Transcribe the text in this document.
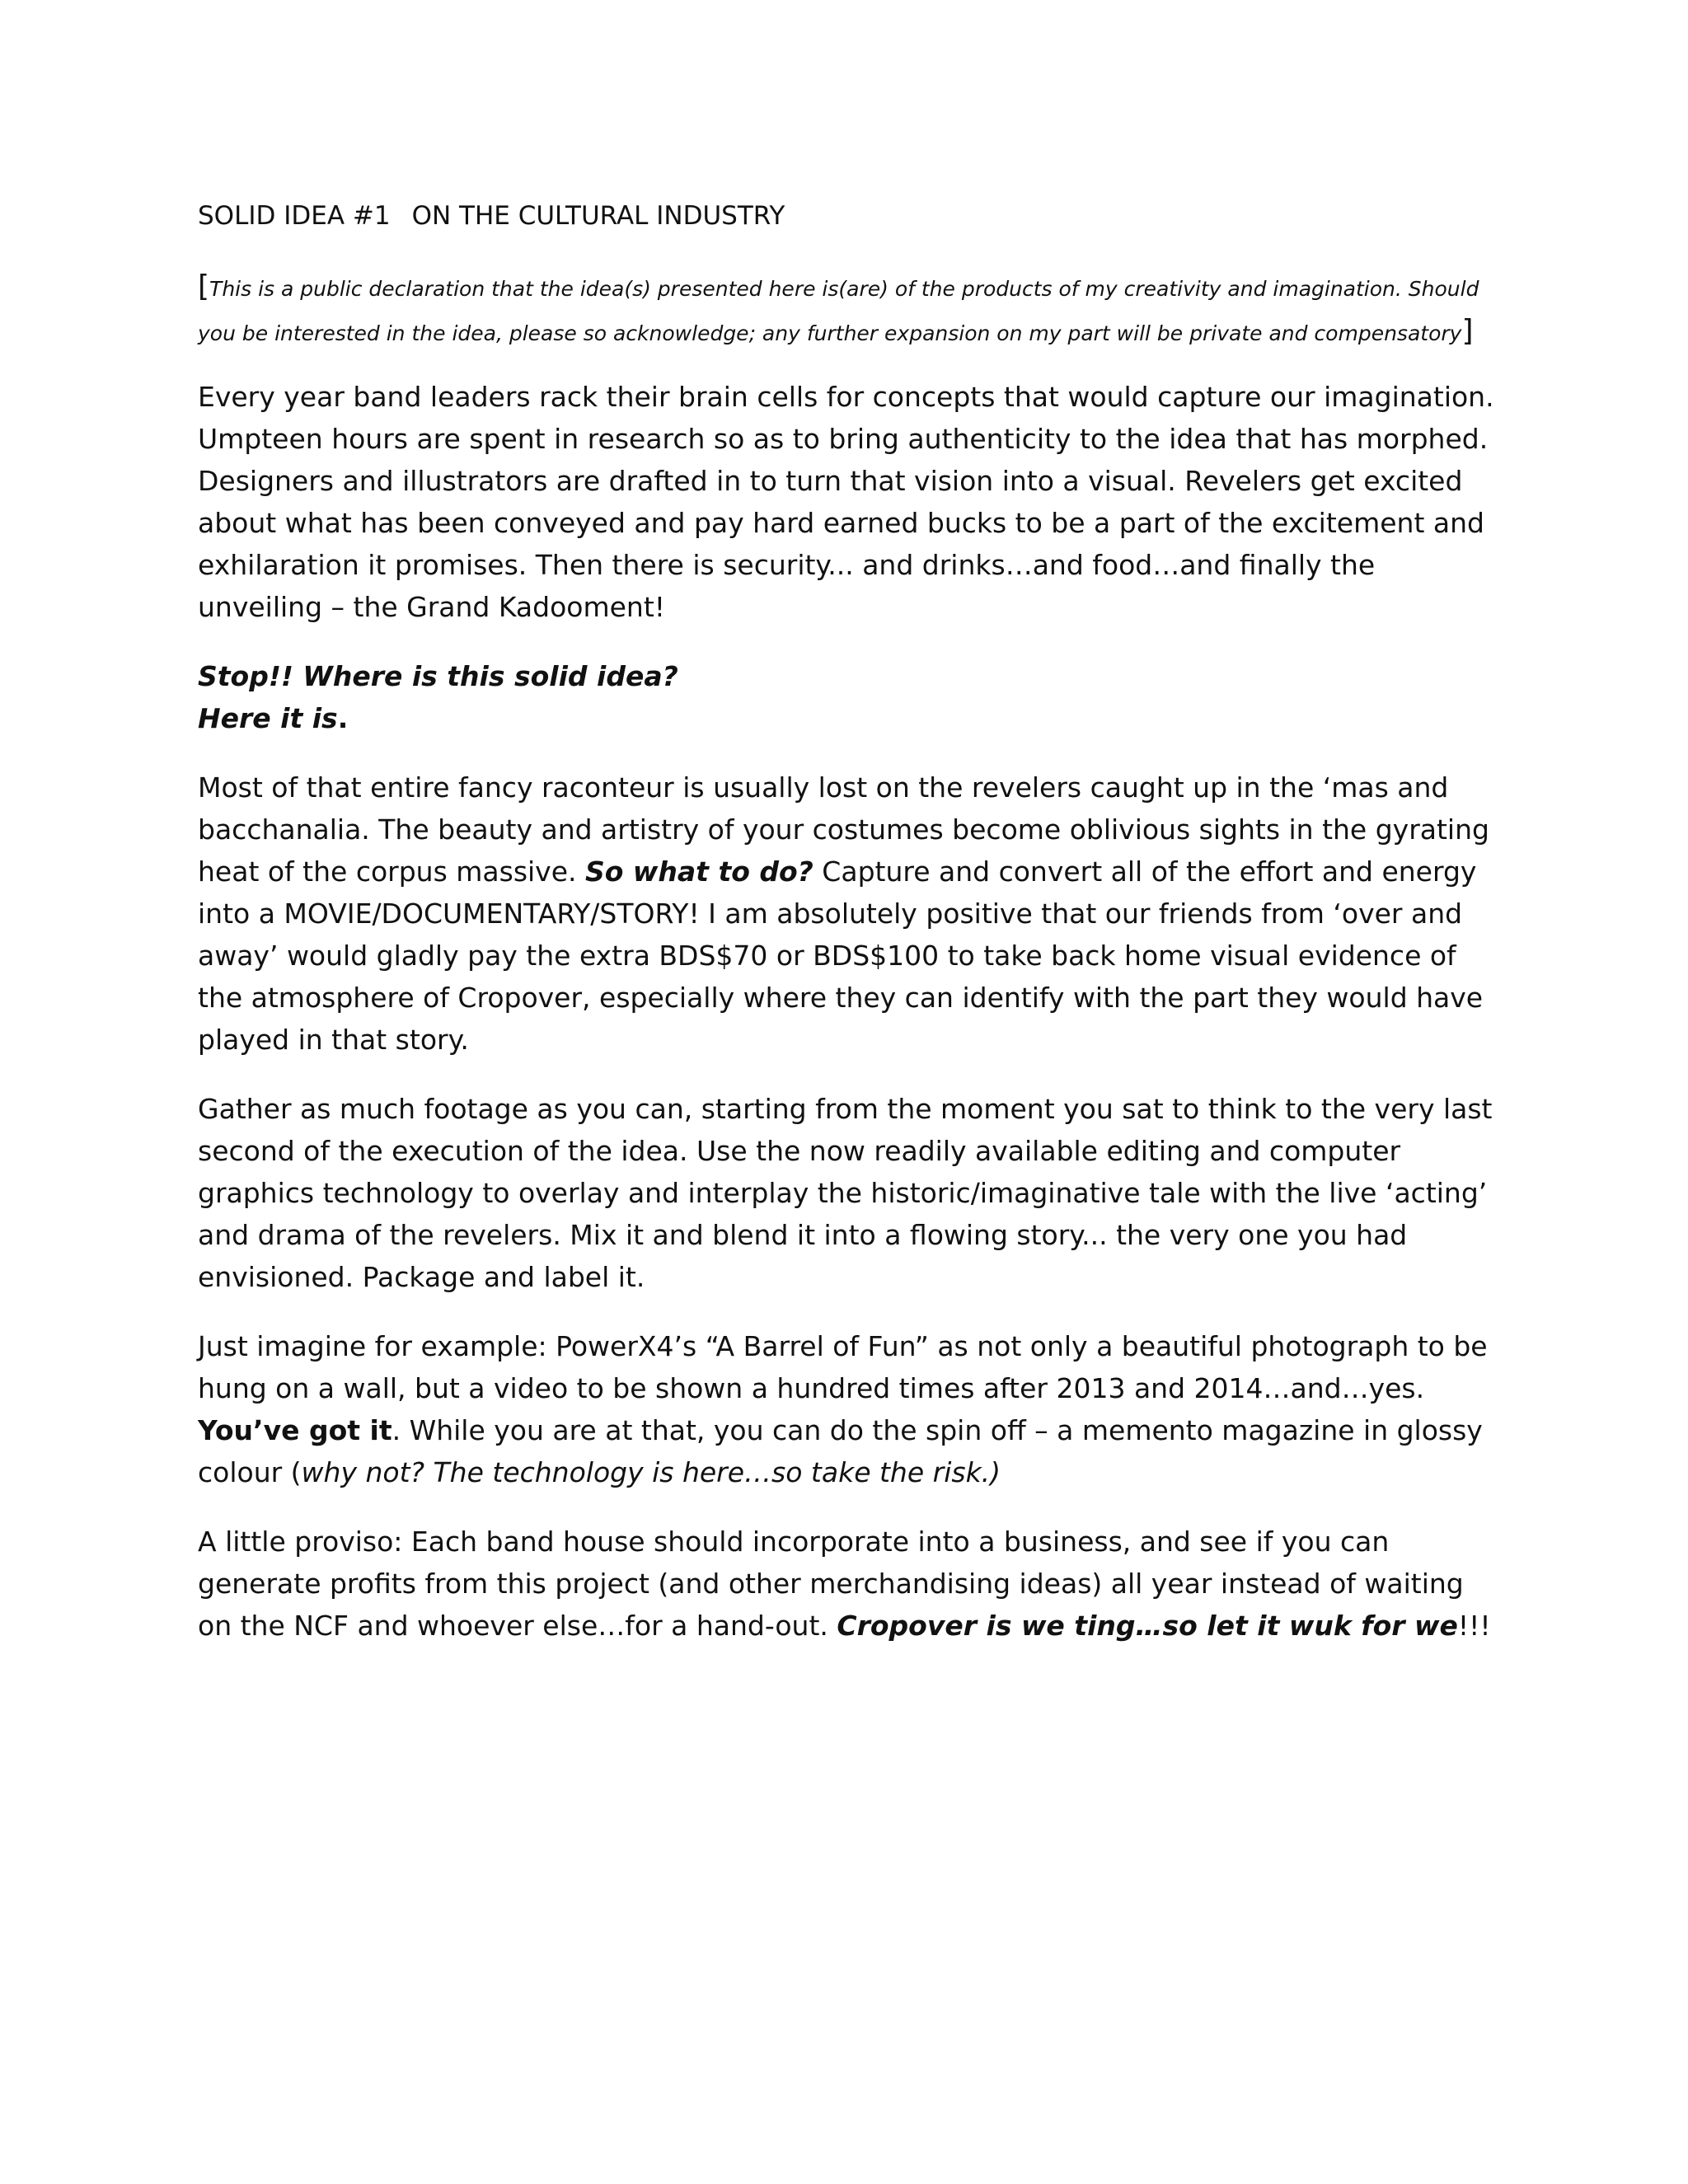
SOLID IDEA #1 ON THE CULTURAL INDUSTRY

[This is a public declaration that the idea(s) presented here is(are) of the products of my creativity and imagination. Should you be interested in the idea, please so acknowledge; any further expansion on my part will be private and compensatory]

Every year band leaders rack their brain cells for concepts that would capture our imagination. Umpteen hours are spent in research so as to bring authenticity to the idea that has morphed. Designers and illustrators are drafted in to turn that vision into a visual. Revelers get excited about what has been conveyed and pay hard earned bucks to be a part of the excitement and exhilaration it promises. Then there is security... and drinks…and food…and finally the unveiling – the Grand Kadooment!

Stop!! Where is this solid idea?
Here it is.

Most of that entire fancy raconteur is usually lost on the revelers caught up in the ‘mas and bacchanalia. The beauty and artistry of your costumes become oblivious sights in the gyrating heat of the corpus massive. So what to do? Capture and convert all of the effort and energy into a MOVIE/DOCUMENTARY/STORY! I am absolutely positive that our friends from ‘over and away’ would gladly pay the extra BDS$70 or BDS$100 to take back home visual evidence of the atmosphere of Cropover, especially where they can identify with the part they would have played in that story.

Gather as much footage as you can, starting from the moment you sat to think to the very last second of the execution of the idea. Use the now readily available editing and computer graphics technology to overlay and interplay the historic/imaginative tale with the live ‘acting’ and drama of the revelers. Mix it and blend it into a flowing story... the very one you had envisioned. Package and label it.

Just imagine for example: PowerX4’s “A Barrel of Fun” as not only a beautiful photograph to be hung on a wall, but a video to be shown a hundred times after 2013 and 2014…and…yes. You’ve got it. While you are at that, you can do the spin off – a memento magazine in glossy colour (why not? The technology is here…so take the risk.)

A little proviso: Each band house should incorporate into a business, and see if you can generate profits from this project (and other merchandising ideas) all year instead of waiting on the NCF and whoever else…for a hand-out. Cropover is we ting…so let it wuk for we!!!
